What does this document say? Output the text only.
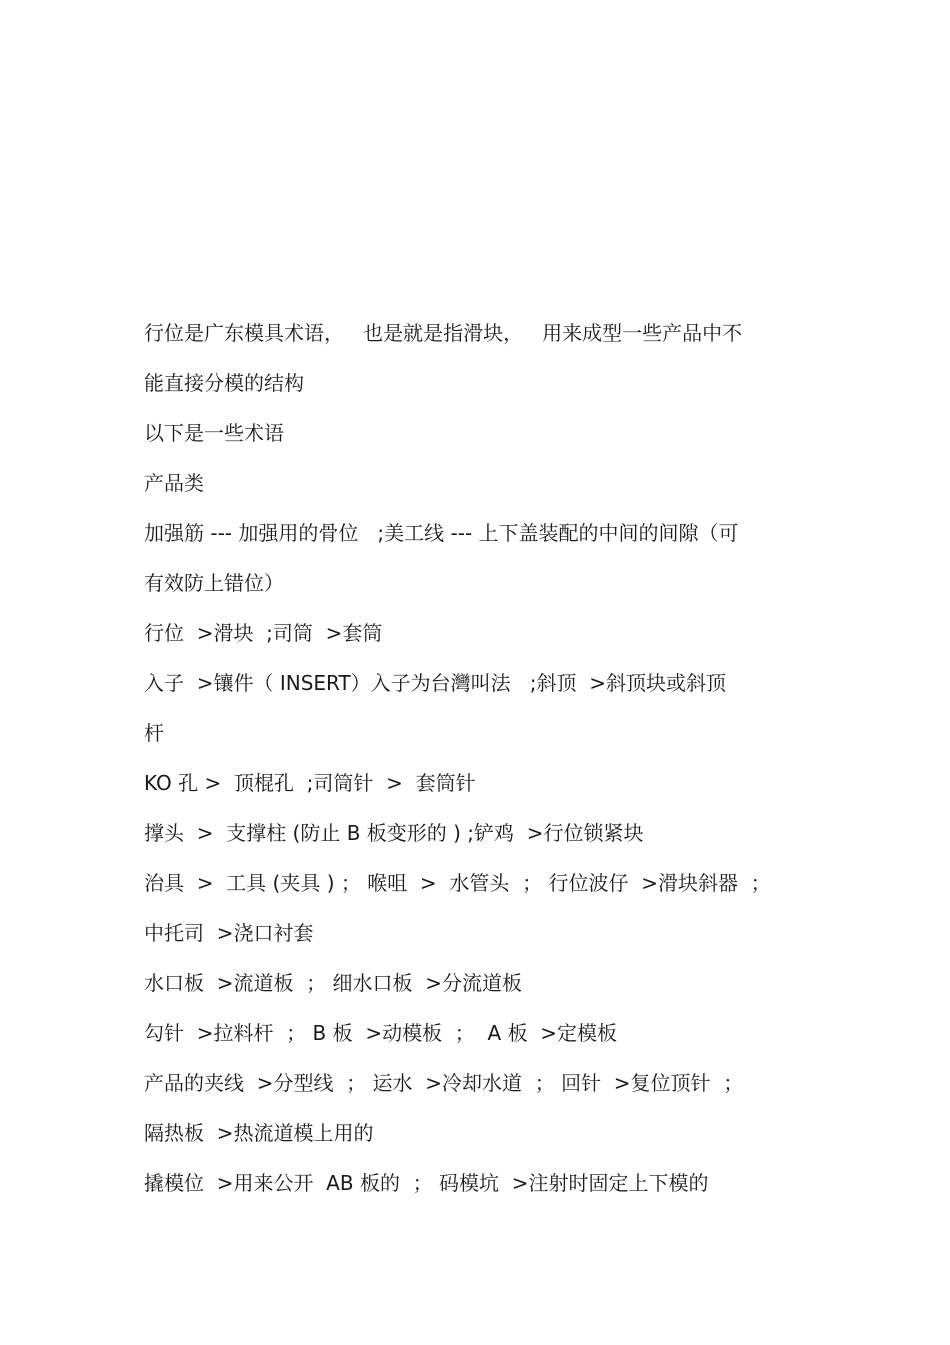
行位是广东模具术语，   也是就是指滑块，   用来成型一些产品中不
能直接分模的结构
以下是一些术语
产品类
加强筋 --- 加强用的骨位   ;美工线 --- 上下盖装配的中间的间隙（可
有效防上错位）
行位  >滑块  ;司筒  >套筒
入子  >镶件（ INSERT）入子为台灣叫法   ;斜顶  >斜顶块或斜顶
杆
KO 孔 >  顶棍孔  ;司筒针  >  套筒针
撑头  >  支撑柱 (防止 B 板变形的 ) ;铲鸡  >行位锁紧块
治具  >  工具 (夹具 ) ； 喉咀  >  水管头  ； 行位波仔  >滑块斜器  ；
中托司  >浇口衬套
水口板  >流道板  ； 细水口板  >分流道板
勾针  >拉料杆  ； B 板  >动模板  ；  A 板  >定模板
产品的夹线  >分型线  ； 运水  >冷却水道  ； 回针  >复位顶针  ；
隔热板  >热流道模上用的
撬模位  >用来公开  AB 板的  ； 码模坑  >注射时固定上下模的
